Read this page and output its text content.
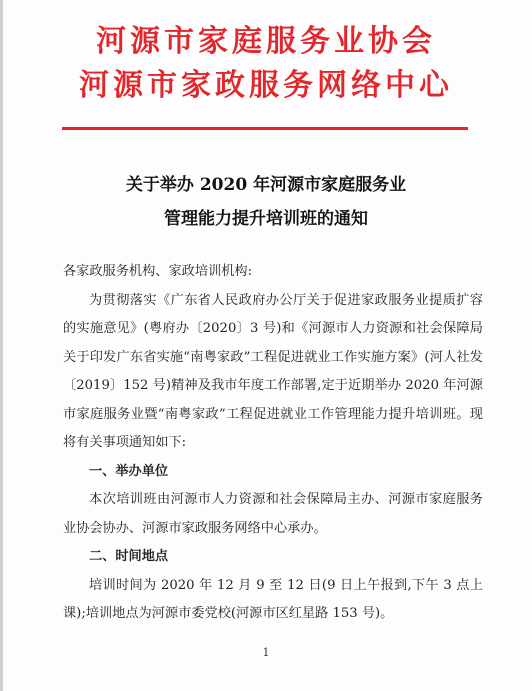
河源市家庭服务业协会
河源市家政服务网络中心
关于举办 2020 年河源市家庭服务业
管理能力提升培训班的通知

各家政服务机构、家政培训机构:

为贯彻落实《广东省人民政府办公厅关于促进家政服务业提质扩容的实施意见》(粤府办〔2020〕3 号)和《河源市人力资源和社会保障局关于印发广东省实施“南粤家政”工程促进就业工作实施方案》(河人社发〔2019〕152 号)精神及我市年度工作部署,定于近期举办 2020 年河源市家庭服务业暨“南粤家政”工程促进就业工作管理能力提升培训班。现将有关事项通知如下:

一、举办单位

本次培训班由河源市人力资源和社会保障局主办、河源市家庭服务业协会协办、河源市家政服务网络中心承办。

二、时间地点

培训时间为 2020 年 12 月 9 至 12 日(9 日上午报到,下午 3 点上课);培训地点为河源市委党校(河源市区红星路 153 号)。

1
